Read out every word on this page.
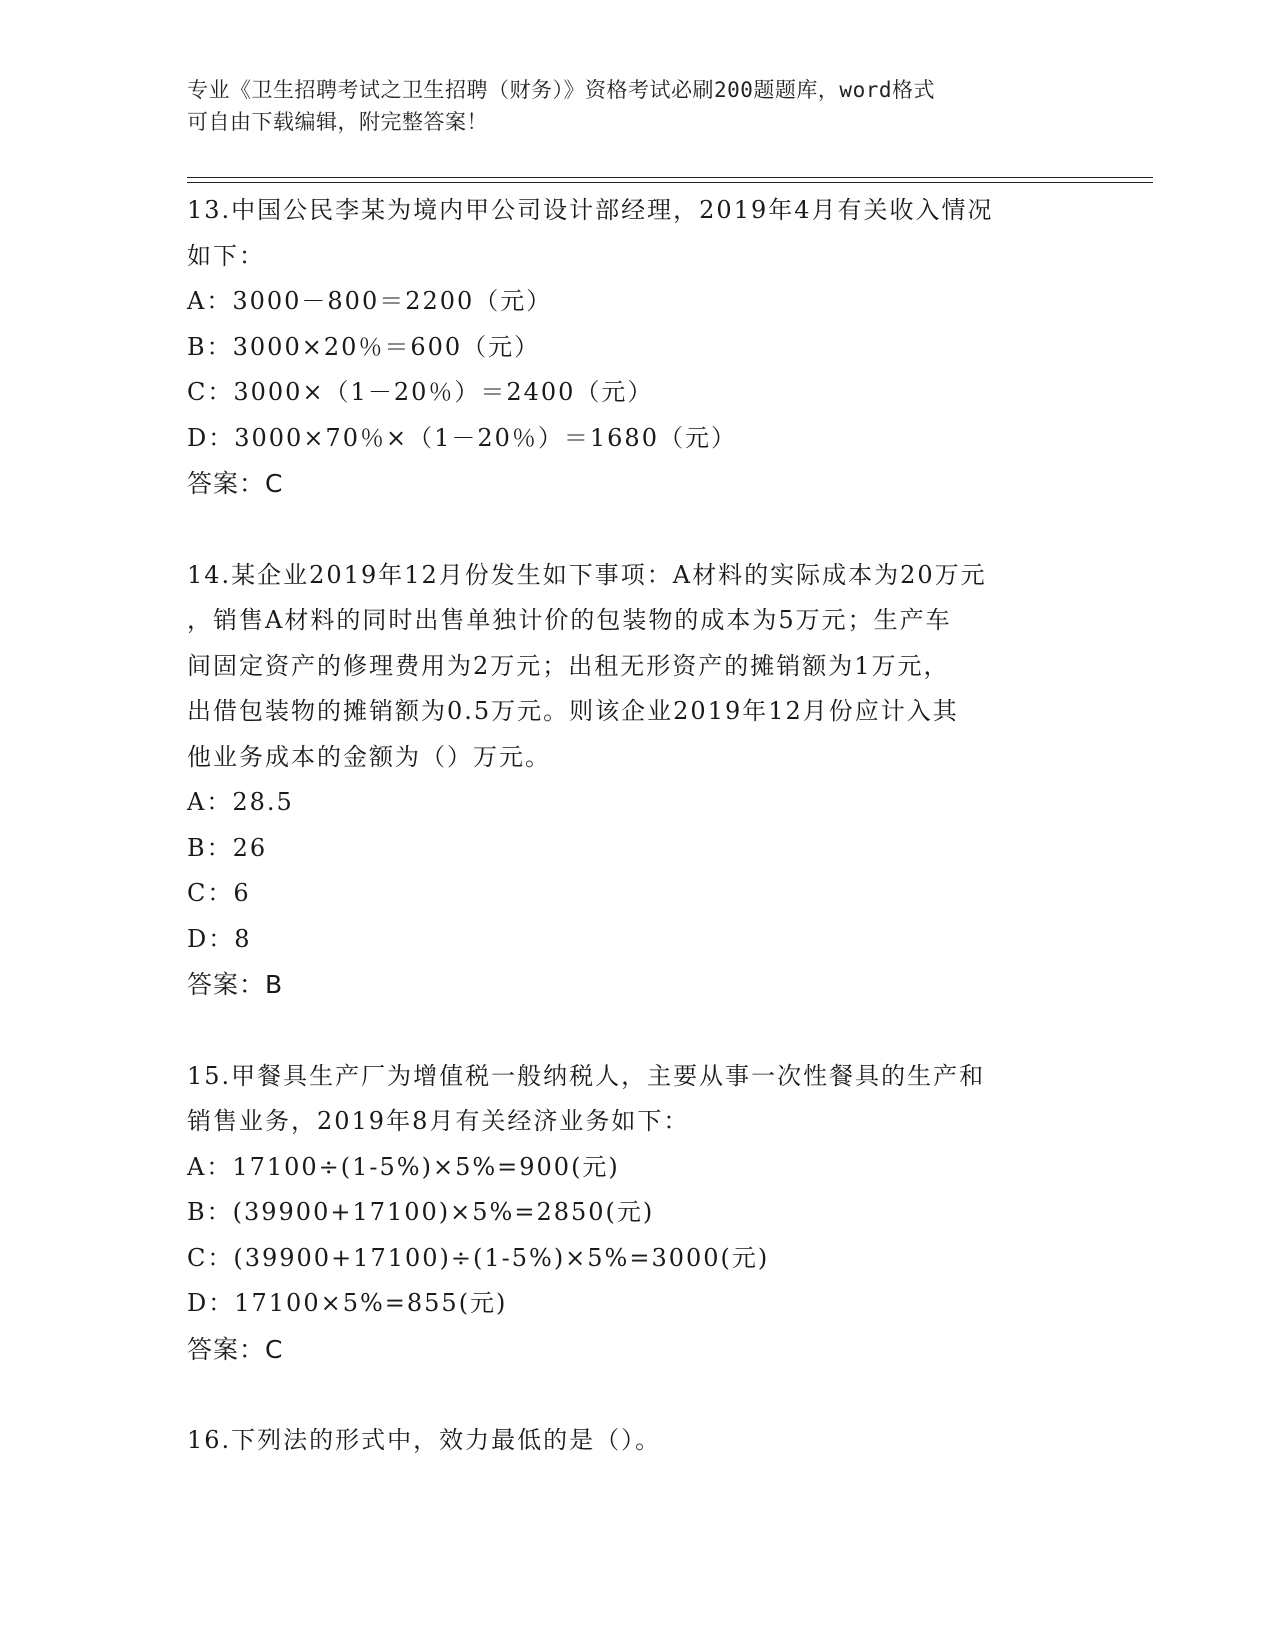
专业《卫生招聘考试之卫生招聘（财务）》资格考试必刷200题题库，word格式
可自由下载编辑，附完整答案！
13.中国公民李某为境内甲公司设计部经理，2019年4月有关收入情况
如下：
A：3000－800＝2200（元）
B：3000×20％＝600（元）
C：3000×（1－20％）＝2400（元）
D：3000×70％×（1－20％）＝1680（元）
答案：C
14.某企业2019年12月份发生如下事项：A材料的实际成本为20万元
，销售A材料的同时出售单独计价的包装物的成本为5万元；生产车
间固定资产的修理费用为2万元；出租无形资产的摊销额为1万元，
出借包装物的摊销额为0.5万元。则该企业2019年12月份应计入其
他业务成本的金额为（）万元。
A：28.5
B：26
C：6
D：8
答案：B
15.甲餐具生产厂为增值税一般纳税人，主要从事一次性餐具的生产和
销售业务，2019年8月有关经济业务如下：
A：17100÷(1-5%)×5%=900(元)
B：(39900+17100)×5%=2850(元)
C：(39900+17100)÷(1-5%)×5%=3000(元)
D：17100×5%=855(元)
答案：C
16.下列法的形式中，效力最低的是（）。
